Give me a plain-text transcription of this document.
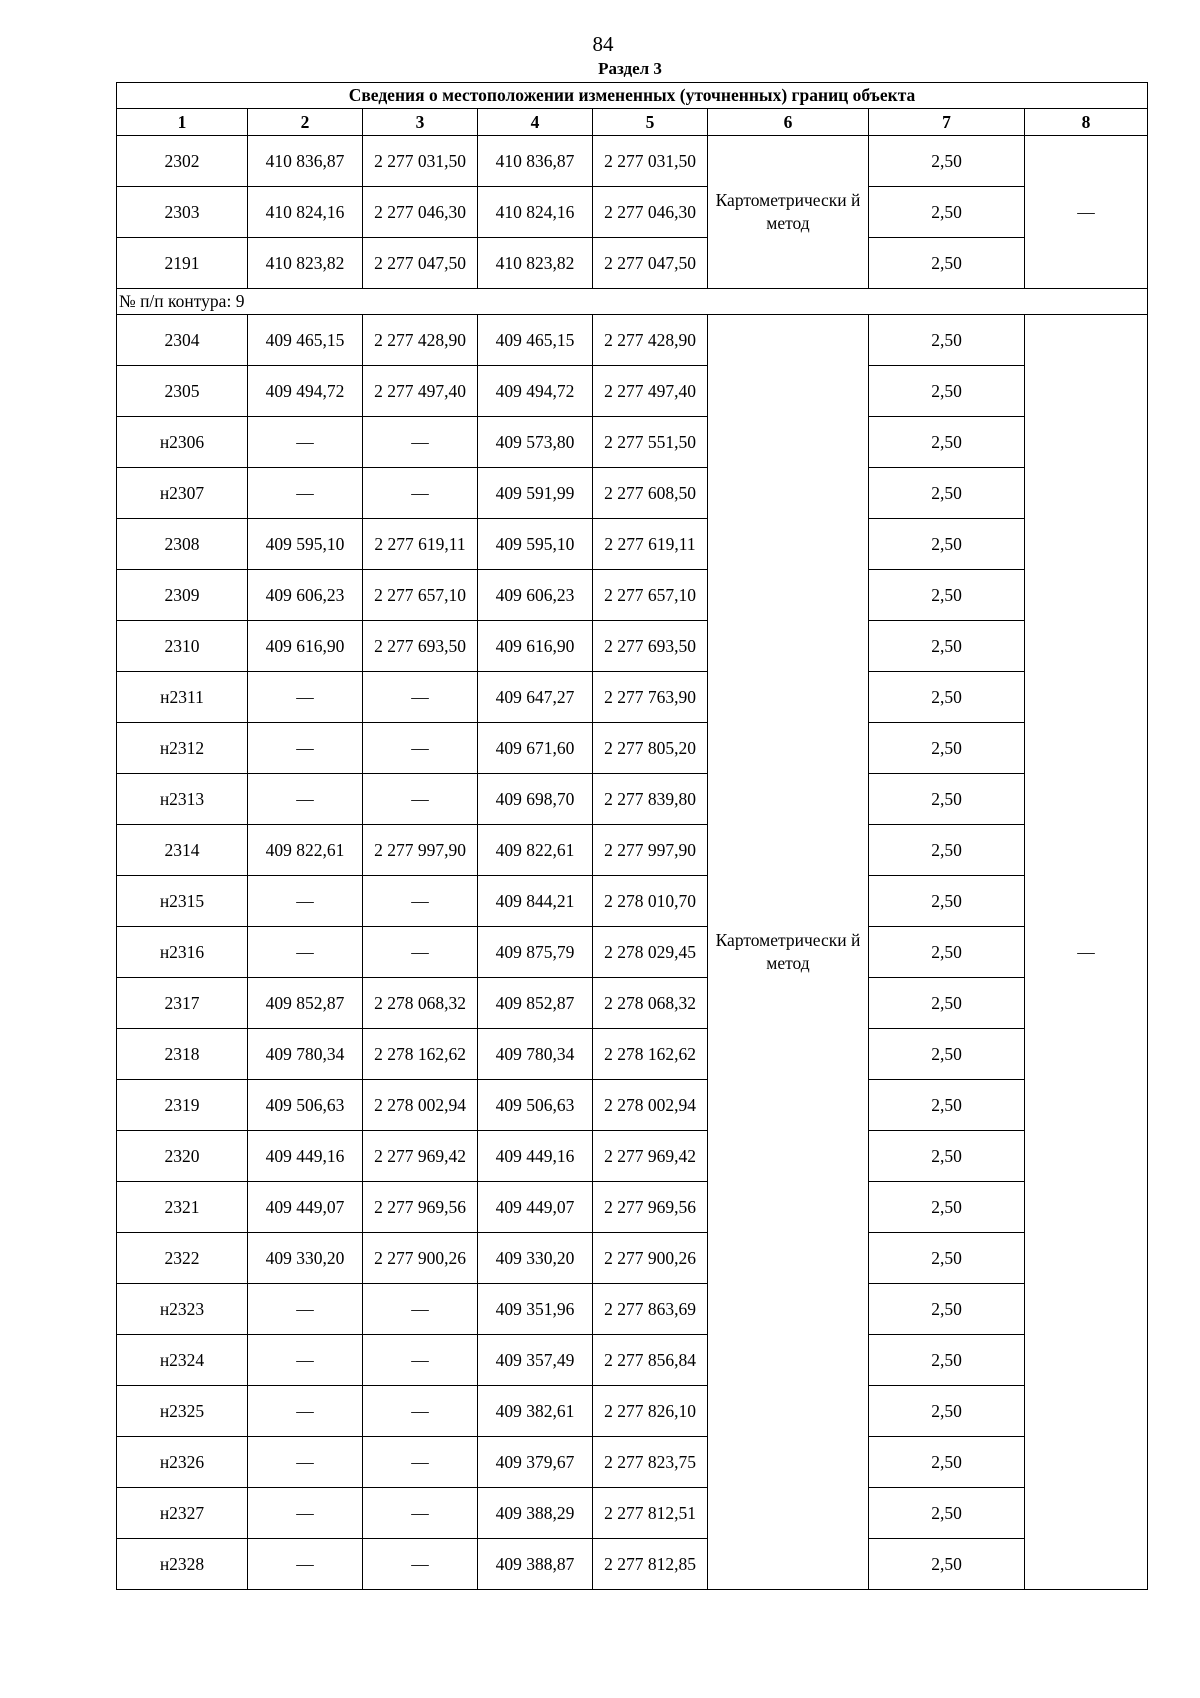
84
Раздел 3
Сведения о местоположении измененных (уточненных) границ объекта							
1	2	3	4	5	6	7	8
2302	410 836,87	2 277 031,50	410 836,87	2 277 031,50	Картометрически й метод	2,50	—
2303	410 824,16	2 277 046,30	410 824,16	2 277 046,30		2,50	
2191	410 823,82	2 277 047,50	410 823,82	2 277 047,50		2,50	
№ п/п контура: 9							
2304	409 465,15	2 277 428,90	409 465,15	2 277 428,90	Картометрически й метод	2,50	—
2305	409 494,72	2 277 497,40	409 494,72	2 277 497,40		2,50	
н2306	—	—	409 573,80	2 277 551,50		2,50	
н2307	—	—	409 591,99	2 277 608,50		2,50	
2308	409 595,10	2 277 619,11	409 595,10	2 277 619,11		2,50	
2309	409 606,23	2 277 657,10	409 606,23	2 277 657,10		2,50	
2310	409 616,90	2 277 693,50	409 616,90	2 277 693,50		2,50	
н2311	—	—	409 647,27	2 277 763,90		2,50	
н2312	—	—	409 671,60	2 277 805,20		2,50	
н2313	—	—	409 698,70	2 277 839,80		2,50	
2314	409 822,61	2 277 997,90	409 822,61	2 277 997,90		2,50	
н2315	—	—	409 844,21	2 278 010,70		2,50	
н2316	—	—	409 875,79	2 278 029,45		2,50	
2317	409 852,87	2 278 068,32	409 852,87	2 278 068,32		2,50	
2318	409 780,34	2 278 162,62	409 780,34	2 278 162,62		2,50	
2319	409 506,63	2 278 002,94	409 506,63	2 278 002,94		2,50	
2320	409 449,16	2 277 969,42	409 449,16	2 277 969,42		2,50	
2321	409 449,07	2 277 969,56	409 449,07	2 277 969,56		2,50	
2322	409 330,20	2 277 900,26	409 330,20	2 277 900,26		2,50	
н2323	—	—	409 351,96	2 277 863,69		2,50	
н2324	—	—	409 357,49	2 277 856,84		2,50	
н2325	—	—	409 382,61	2 277 826,10		2,50	
н2326	—	—	409 379,67	2 277 823,75		2,50	
н2327	—	—	409 388,29	2 277 812,51		2,50	
н2328	—	—	409 388,87	2 277 812,85		2,50	
